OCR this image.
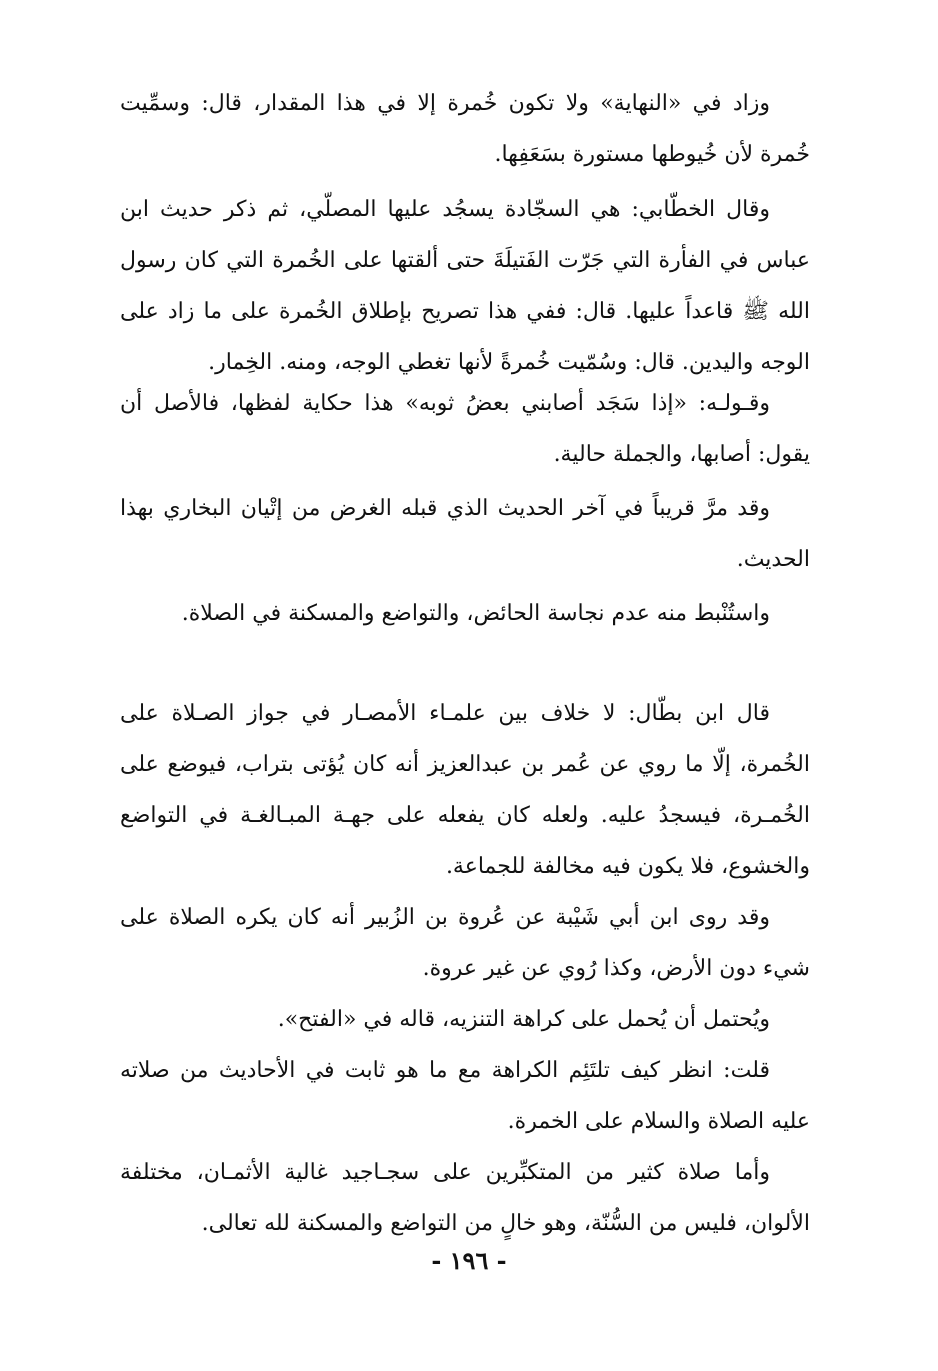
وزاد في «النهاية» ولا تكون خُمرة إلا في هذا المقدار، قال: وسمِّيت خُمرة لأن خُيوطها مستورة بسَعَفِها.

وقال الخطّابي: هي السجّادة يسجُد عليها المصلّي، ثم ذكر حديث ابن عباس في الفأرة التي جَرّت الفَتيلَةَ حتى ألقتها على الخُمرة التي كان رسول الله ﷺ قاعداً عليها. قال: ففي هذا تصريح بإطلاق الخُمرة على ما زاد على الوجه واليدين. قال: وسُمّيت خُمرةً لأنها تغطي الوجه، ومنه. الخِمار.

وقـولـه: «إذا سَجَد أصابني بعضُ ثوبه» هذا حكاية لفظها، فالأصل أن يقول: أصابها، والجملة حالية.

وقد مرَّ قريباً في آخر الحديث الذي قبله الغرض من إتْيان البخاري بهذا الحديث.

واستُنْبط منه عدم نجاسة الحائض، والتواضع والمسكنة في الصلاة.

قال ابن بطّال: لا خلاف بين علمـاء الأمصـار في جواز الصـلاة على الخُمرة، إلّا ما روي عن عُمر بن عبدالعزيز أنه كان يُؤتى بتراب، فيوضع على الخُمـرة، فيسجدُ عليه. ولعله كان يفعله على جهـة المبـالغـة في التواضع والخشوع، فلا يكون فيه مخالفة للجماعة.

وقد روى ابن أبي شَيْبة عن عُروة بن الزُبير أنه كان يكره الصلاة على شيء دون الأرض، وكذا رُوي عن غير عروة.

ويُحتمل أن يُحمل على كراهة التنزيه، قاله في «الفتح».

قلت: انظر كيف تلتَئِم الكراهة مع ما هو ثابت في الأحاديث من صلاته عليه الصلاة والسلام على الخمرة.

وأما صلاة كثير من المتكبِّرين على سجـاجيد غالية الأثمـان، مختلفة الألوان، فليس من السُّنّة، وهو خالٍ من التواضع والمسكنة لله تعالى.

- ١٩٦ -
